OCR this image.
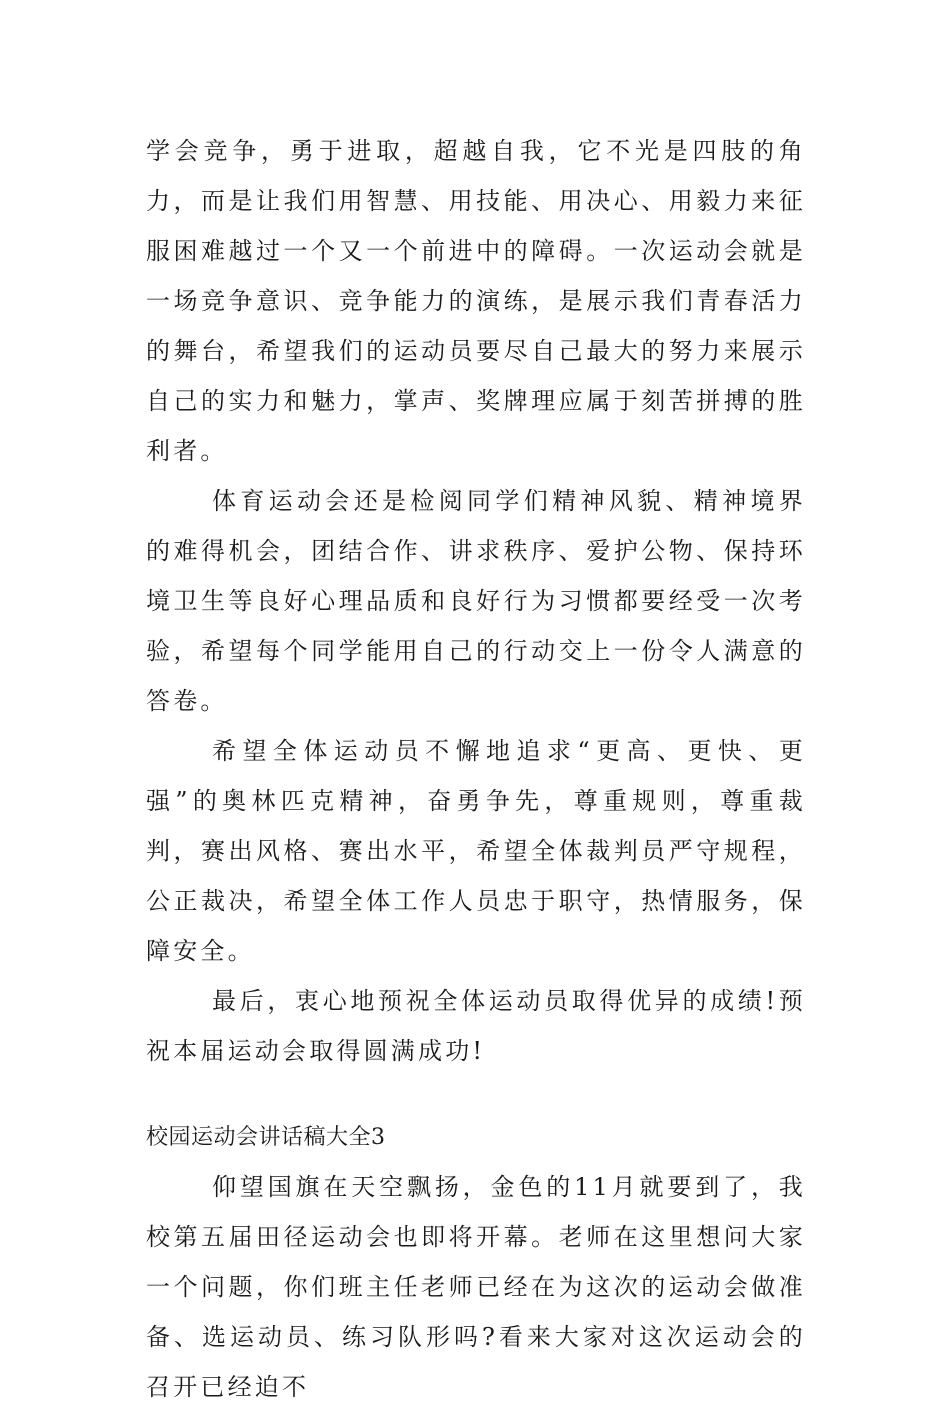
学会竞争，勇于进取，超越自我，它不光是四肢的角力，而是让我们用智慧、用技能、用决心、用毅力来征服困难越过一个又一个前进中的障碍。一次运动会就是一场竞争意识、竞争能力的演练，是展示我们青春活力的舞台，希望我们的运动员要尽自己最大的努力来展示自己的实力和魅力，掌声、奖牌理应属于刻苦拼搏的胜利者。

体育运动会还是检阅同学们精神风貌、精神境界的难得机会，团结合作、讲求秩序、爱护公物、保持环境卫生等良好心理品质和良好行为习惯都要经受一次考验，希望每个同学能用自己的行动交上一份令人满意的答卷。

希望全体运动员不懈地追求“更高、更快、更强”的奥林匹克精神，奋勇争先，尊重规则，尊重裁判，赛出风格、赛出水平，希望全体裁判员严守规程，公正裁决，希望全体工作人员忠于职守，热情服务，保障安全。

最后，衷心地预祝全体运动员取得优异的成绩!预祝本届运动会取得圆满成功!

校园运动会讲话稿大全3

仰望国旗在天空飘扬，金色的11月就要到了，我校第五届田径运动会也即将开幕。老师在这里想问大家一个问题，你们班主任老师已经在为这次的运动会做准备、选运动员、练习队形吗?看来大家对这次运动会的召开已经迫不
